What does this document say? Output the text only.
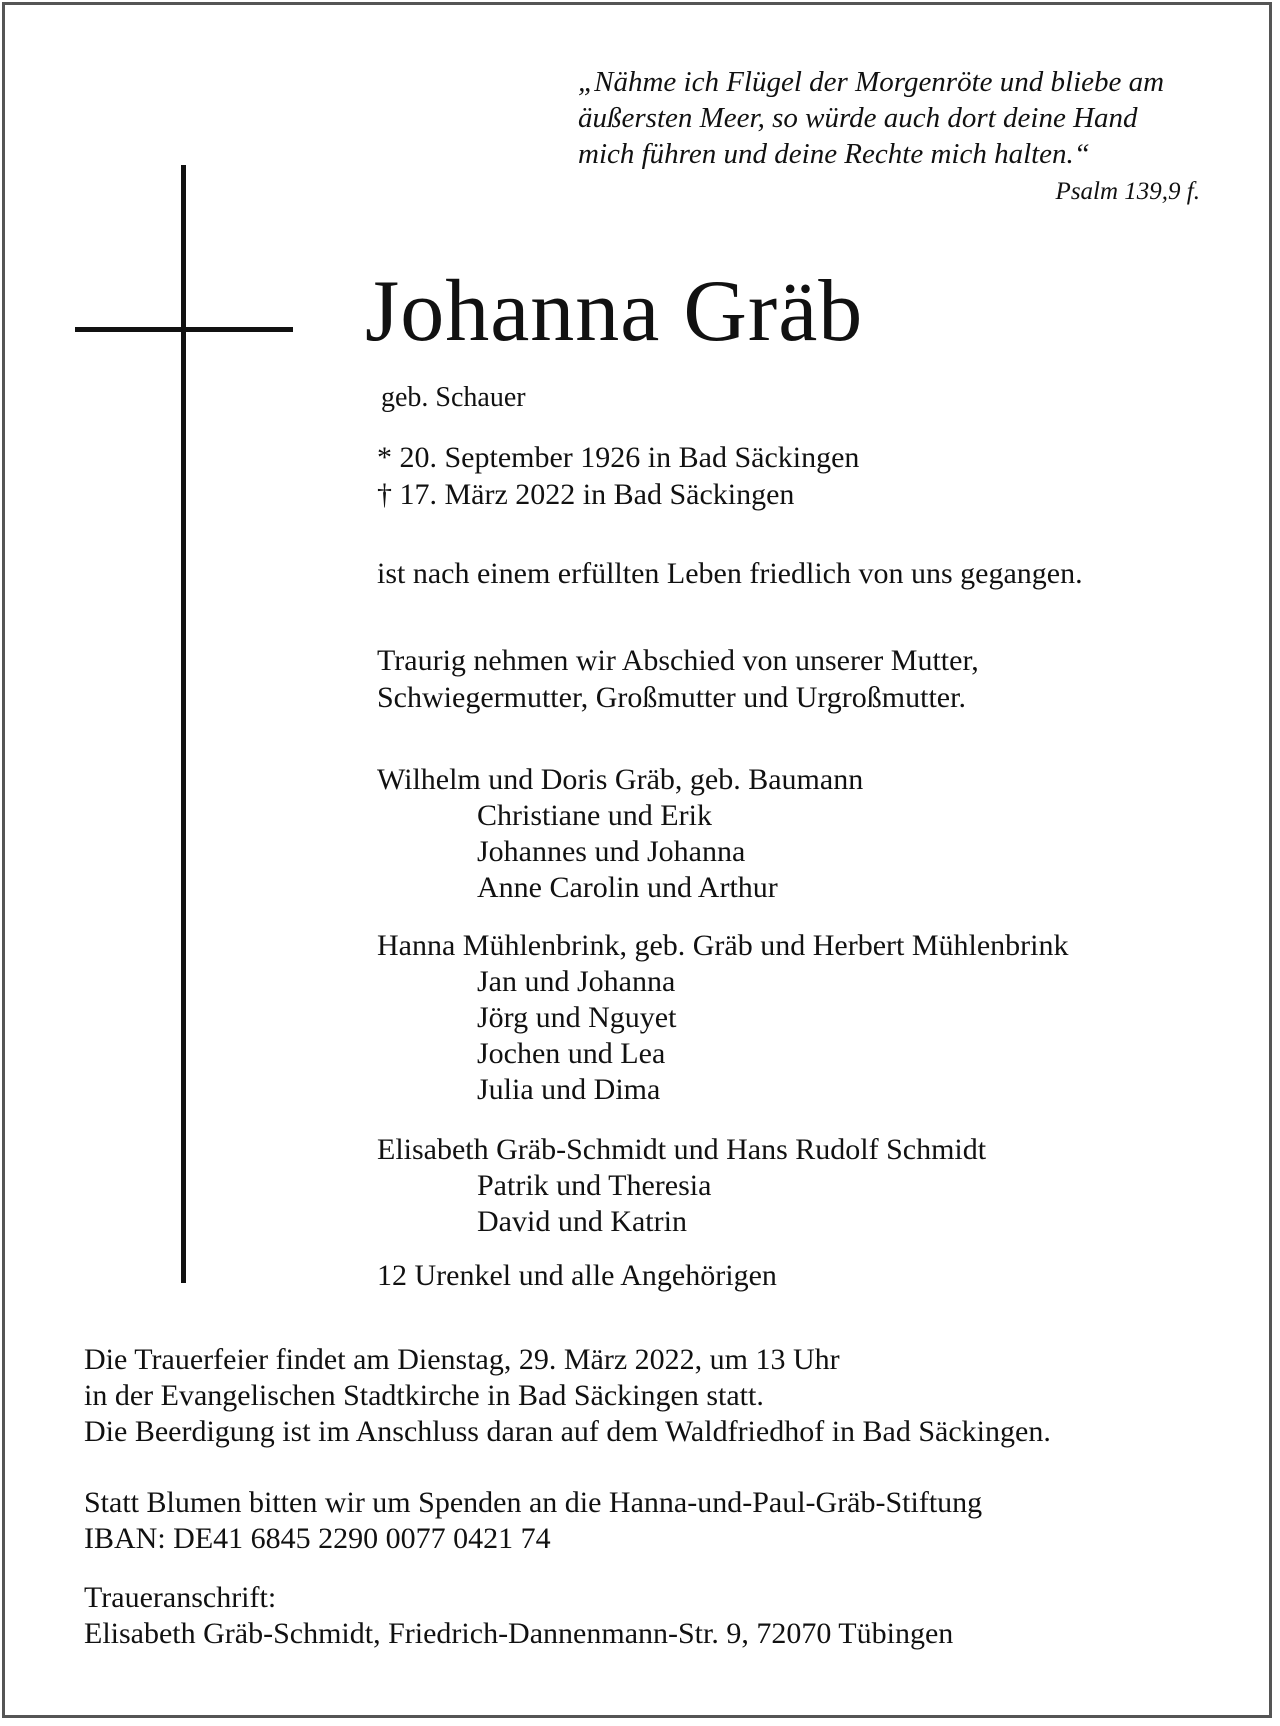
„Nähme ich Flügel der Morgenröte und bliebe am
äußersten Meer, so würde auch dort deine Hand
mich führen und deine Rechte mich halten.“
Psalm 139,9 f.
Johanna Gräb
geb. Schauer
* 20. September 1926 in Bad Säckingen
† 17. März 2022 in Bad Säckingen
ist nach einem erfüllten Leben friedlich von uns gegangen.
Traurig nehmen wir Abschied von unserer Mutter,
Schwiegermutter, Großmutter und Urgroßmutter.
Wilhelm und Doris Gräb, geb. Baumann
Christiane und Erik
Johannes und Johanna
Anne Carolin und Arthur
Hanna Mühlenbrink, geb. Gräb und Herbert Mühlenbrink
Jan und Johanna
Jörg und Nguyet
Jochen und Lea
Julia und Dima
Elisabeth Gräb-Schmidt und Hans Rudolf Schmidt
Patrik und Theresia
David und Katrin
12 Urenkel und alle Angehörigen
Die Trauerfeier findet am Dienstag, 29. März 2022, um 13 Uhr
in der Evangelischen Stadtkirche in Bad Säckingen statt.
Die Beerdigung ist im Anschluss daran auf dem Waldfriedhof in Bad Säckingen.
Statt Blumen bitten wir um Spenden an die Hanna-und-Paul-Gräb-Stiftung
IBAN: DE41 6845 2290 0077 0421 74
Traueranschrift:
Elisabeth Gräb-Schmidt, Friedrich-Dannenmann-Str. 9, 72070 Tübingen
